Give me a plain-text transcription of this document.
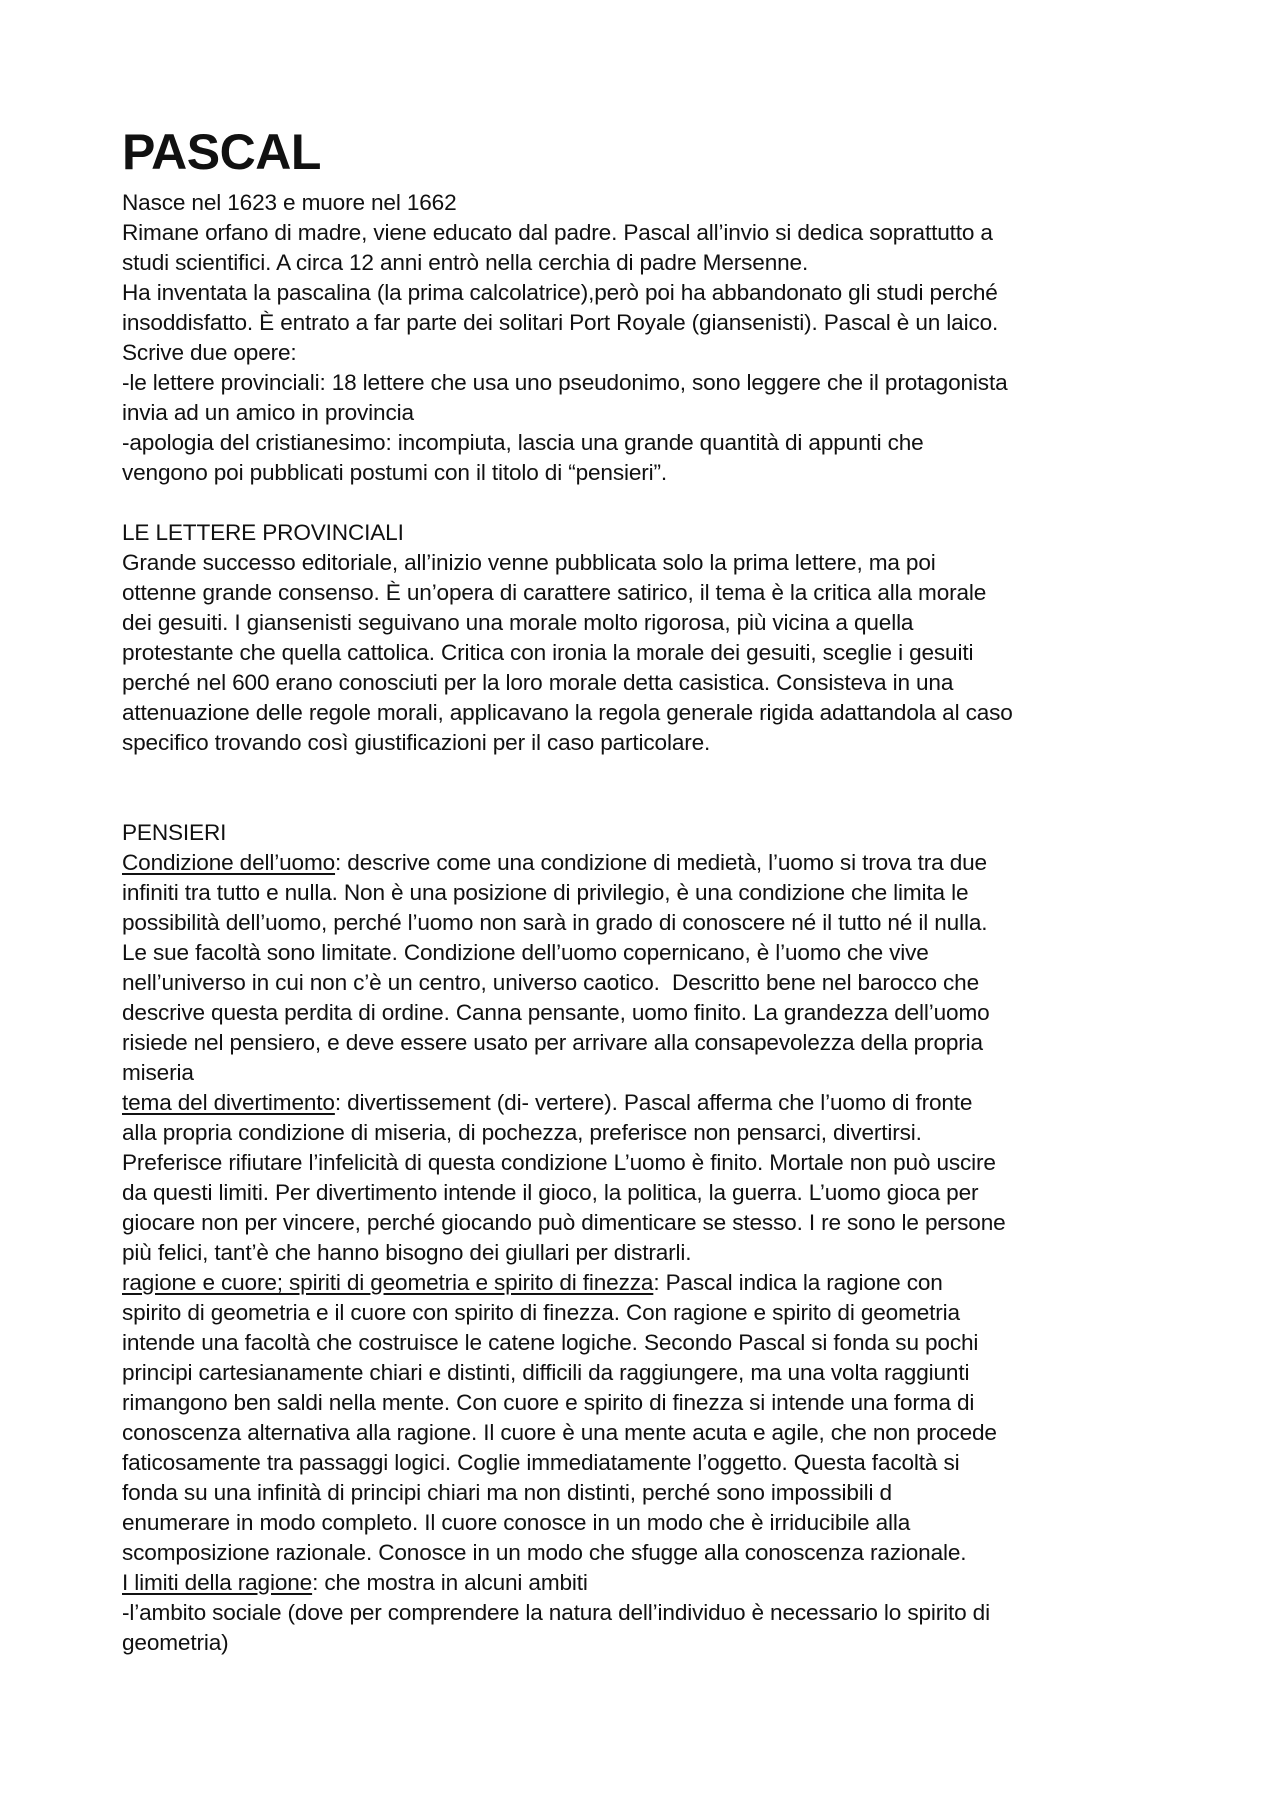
PASCAL
Nasce nel 1623 e muore nel 1662
Rimane orfano di madre, viene educato dal padre. Pascal all’invio si dedica soprattutto a
studi scientifici. A circa 12 anni entrò nella cerchia di padre Mersenne.
Ha inventata la pascalina (la prima calcolatrice),però poi ha abbandonato gli studi perché
insoddisfatto. È entrato a far parte dei solitari Port Royale (giansenisti). Pascal è un laico.
Scrive due opere:
-le lettere provinciali: 18 lettere che usa uno pseudonimo, sono leggere che il protagonista
invia ad un amico in provincia
-apologia del cristianesimo: incompiuta, lascia una grande quantità di appunti che
vengono poi pubblicati postumi con il titolo di “pensieri”.
LE LETTERE PROVINCIALI
Grande successo editoriale, all’inizio venne pubblicata solo la prima lettere, ma poi
ottenne grande consenso. È un’opera di carattere satirico, il tema è la critica alla morale
dei gesuiti. I giansenisti seguivano una morale molto rigorosa, più vicina a quella
protestante che quella cattolica. Critica con ironia la morale dei gesuiti, sceglie i gesuiti
perché nel 600 erano conosciuti per la loro morale detta casistica. Consisteva in una
attenuazione delle regole morali, applicavano la regola generale rigida adattandola al caso
specifico trovando così giustificazioni per il caso particolare.
PENSIERI
Condizione dell’uomo: descrive come una condizione di medietà, l’uomo si trova tra due
infiniti tra tutto e nulla. Non è una posizione di privilegio, è una condizione che limita le
possibilità dell’uomo, perché l’uomo non sarà in grado di conoscere né il tutto né il nulla.
Le sue facoltà sono limitate. Condizione dell’uomo copernicano, è l’uomo che vive
nell’universo in cui non c’è un centro, universo caotico.  Descritto bene nel barocco che
descrive questa perdita di ordine. Canna pensante, uomo finito. La grandezza dell’uomo
risiede nel pensiero, e deve essere usato per arrivare alla consapevolezza della propria
miseria
tema del divertimento: divertissement (di- vertere). Pascal afferma che l’uomo di fronte
alla propria condizione di miseria, di pochezza, preferisce non pensarci, divertirsi.
Preferisce rifiutare l’infelicità di questa condizione L’uomo è finito. Mortale non può uscire
da questi limiti. Per divertimento intende il gioco, la politica, la guerra. L’uomo gioca per
giocare non per vincere, perché giocando può dimenticare se stesso. I re sono le persone
più felici, tant’è che hanno bisogno dei giullari per distrarli.
ragione e cuore; spiriti di geometria e spirito di finezza: Pascal indica la ragione con
spirito di geometria e il cuore con spirito di finezza. Con ragione e spirito di geometria
intende una facoltà che costruisce le catene logiche. Secondo Pascal si fonda su pochi
principi cartesianamente chiari e distinti, difficili da raggiungere, ma una volta raggiunti
rimangono ben saldi nella mente. Con cuore e spirito di finezza si intende una forma di
conoscenza alternativa alla ragione. Il cuore è una mente acuta e agile, che non procede
faticosamente tra passaggi logici. Coglie immediatamente l’oggetto. Questa facoltà si
fonda su una infinità di principi chiari ma non distinti, perché sono impossibili d
enumerare in modo completo. Il cuore conosce in un modo che è irriducibile alla
scomposizione razionale. Conosce in un modo che sfugge alla conoscenza razionale.
I limiti della ragione: che mostra in alcuni ambiti
-l’ambito sociale (dove per comprendere la natura dell’individuo è necessario lo spirito di
geometria)
